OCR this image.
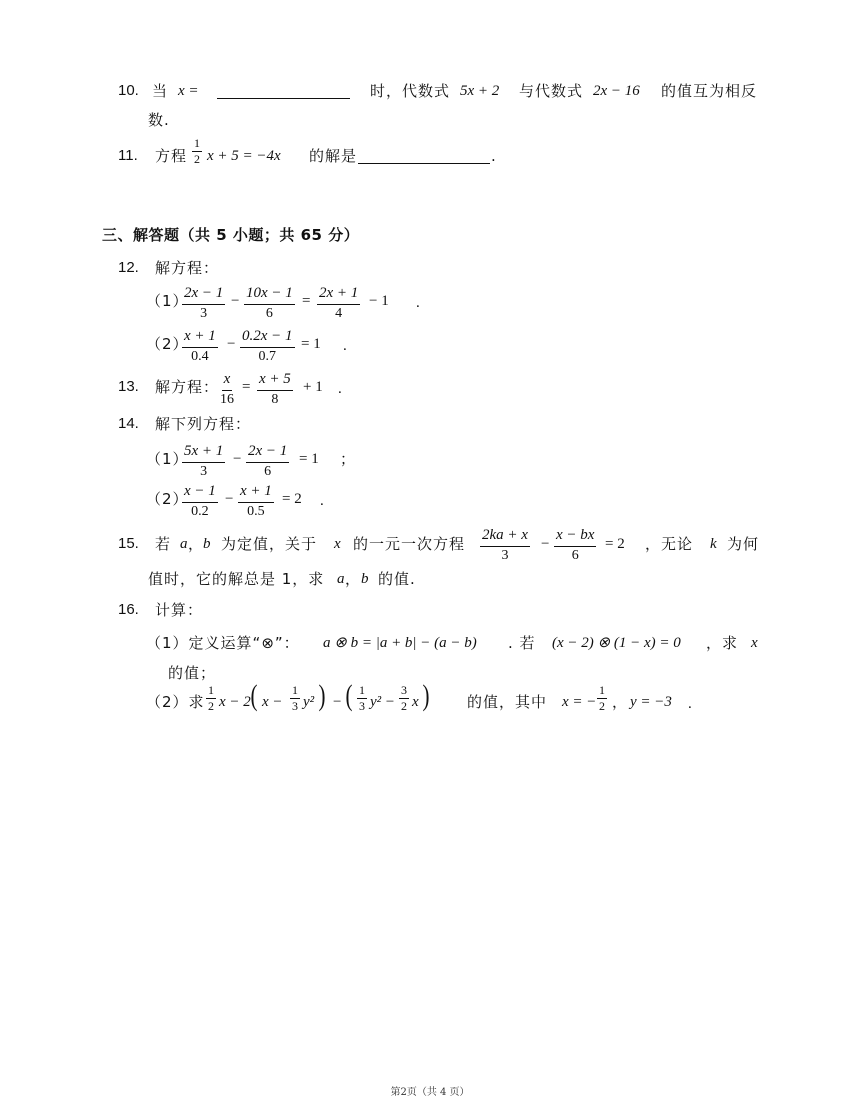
10. 当 x =	时，代数式 5x + 2 与代数式 2x − 16 的值互为相反
数.
11. 方程 $\frac{1}{2}$ x + 5 = −4x 的解是	.
三、解答题（共 5 小题；共 65 分）
12. 解方程：
（1）
$\frac{2x - 1}{3} - \frac{10x - 1}{6} = \frac{2x + 1}{4} - 1$ .
（2）
$\frac{x + 1}{0.4} - \frac{0.2x - 1}{0.7} = 1$ .
13. 解方程：
$\frac{x}{16} = \frac{x + 5}{8} + 1$ .
14. 解下列方程：
（1）
$\frac{5x + 1}{3} - \frac{2x - 1}{6} = 1$ ；
（2）
$\frac{x - 1}{0.2} - \frac{x + 1}{0.5} = 2$ .
15. 若 a ，
b 为定值，关于 x 的一元一次方程 $\frac{2ka + x}{3} - \frac{x - bx}{6} = 2$ ，无论 k 为何
值时，它的解总是 1，求 a ， b 的值.
16. 计算：
（1）定义运算“⊗”： a ⊗ b = |a + b| − (a − b) . 若 (x − 2) ⊗ (1 − x) = 0 ，求 x
的值；
（2）求 $\frac{1}{2}$ x − 2 ( $x - \frac{1}{3} y^2$ ) − ( $\frac{1}{3} y^2 - \frac{3}{2}$ x )	的值，其中 x = − $\frac{1}{2}$ ， y = −3 .
第2页（共 4 页）
